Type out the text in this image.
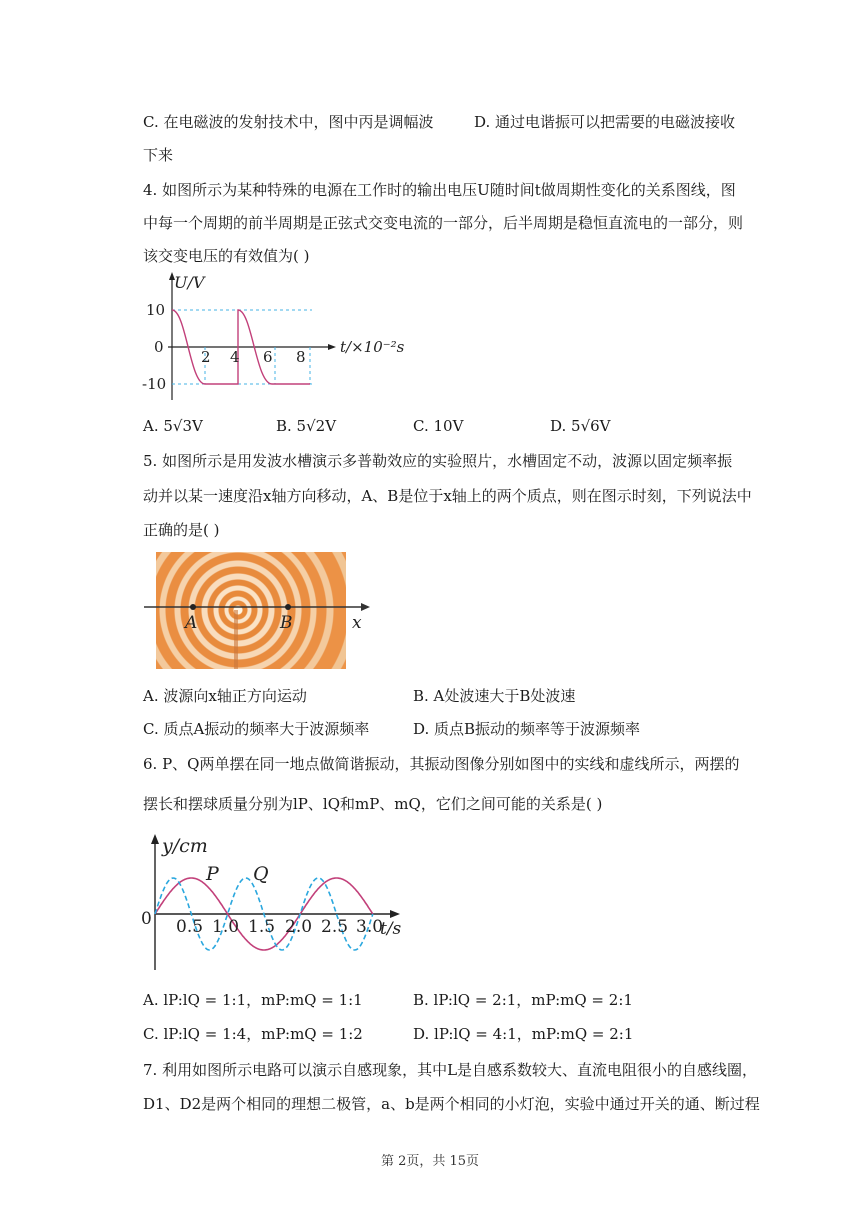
C. 在电磁波的发射技术中，图中丙是调幅波	D. 通过电谐振可以把需要的电磁波接收
下来
4. 如图所示为某种特殊的电源在工作时的输出电压U随时间t做周期性变化的关系图线，图
中每一个周期的前半周期是正弦式交变电流的一部分，后半周期是稳恒直流电的一部分，则
该交变电压的有效值为( )
U/V
10
0
-10
2 4 6 8
t/×10⁻²s
A. 5√3V	B. 5√2V	C. 10V	D. 5√6V
5. 如图所示是用发波水槽演示多普勒效应的实验照片，水槽固定不动，波源以固定频率振
动并以某一速度沿x轴方向移动，A、B是位于x轴上的两个质点，则在图示时刻，下列说法中
正确的是( )
A	B	x
A. 波源向x轴正方向运动	B. A处波速大于B处波速
C. 质点A振动的频率大于波源频率	D. 质点B振动的频率等于波源频率
6. P、Q两单摆在同一地点做简谐振动，其振动图像分别如图中的实线和虚线所示，两摆的
摆长和摆球质量分别为lP、lQ和mP、mQ，它们之间可能的关系是( )
y/cm
P Q
0 0.5 1.0 1.5 2.0 2.5 3.0
t/s
A. lP:lQ = 1:1，mP:mQ = 1:1	B. lP:lQ = 2:1，mP:mQ = 2:1
C. lP:lQ = 1:4，mP:mQ = 1:2	D. lP:lQ = 4:1，mP:mQ = 2:1
7. 利用如图所示电路可以演示自感现象，其中L是自感系数较大、直流电阻很小的自感线圈，
D1、D2是两个相同的理想二极管，a、b是两个相同的小灯泡，实验中通过开关的通、断过程
第 2页，共 15页
